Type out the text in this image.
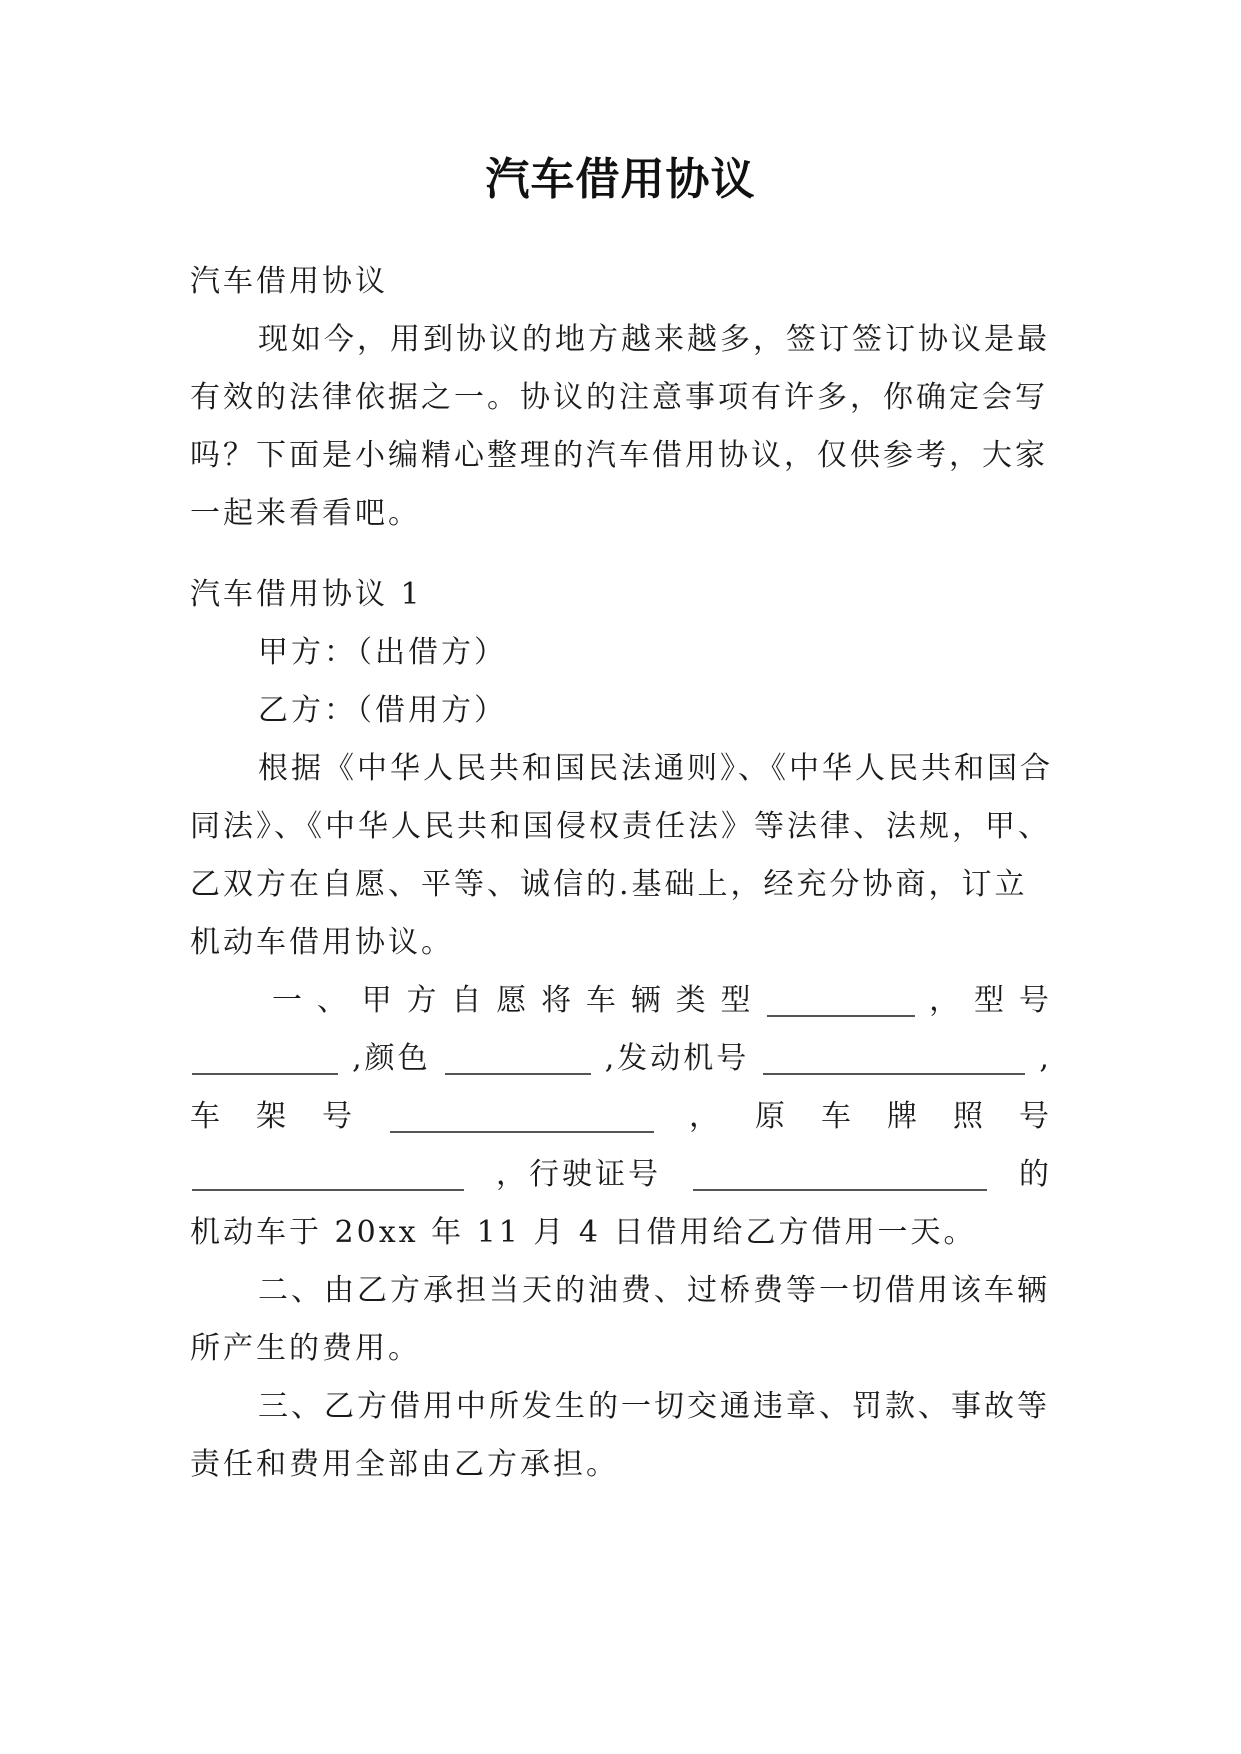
汽车借用协议
汽车借用协议
现如今，用到协议的地方越来越多，签订签订协议是最
有效的法律依据之一。协议的注意事项有许多，你确定会写
吗？下面是小编精心整理的汽车借用协议，仅供参考，大家
一起来看看吧。
汽车借用协议 1
甲方：（出借方）
乙方：（借用方）
根据《中华人民共和国民法通则》、《中华人民共和国合
同法》、《中华人民共和国侵权责任法》等法律、法规，甲、
乙双方在自愿、平等、诚信的.基础上，经充分协商，订立
机动车借用协议。
一 、 甲 方 自 愿 将 车 辆 类 型	， 型 号
,颜色	,发动机号	,
车 架 号	， 原 车 牌 照 号
，行驶证号	的
机动车于 20xx 年 11 月 4 日借用给乙方借用一天。
二、由乙方承担当天的油费、过桥费等一切借用该车辆
所产生的费用。
三、乙方借用中所发生的一切交通违章、罚款、事故等
责任和费用全部由乙方承担。
